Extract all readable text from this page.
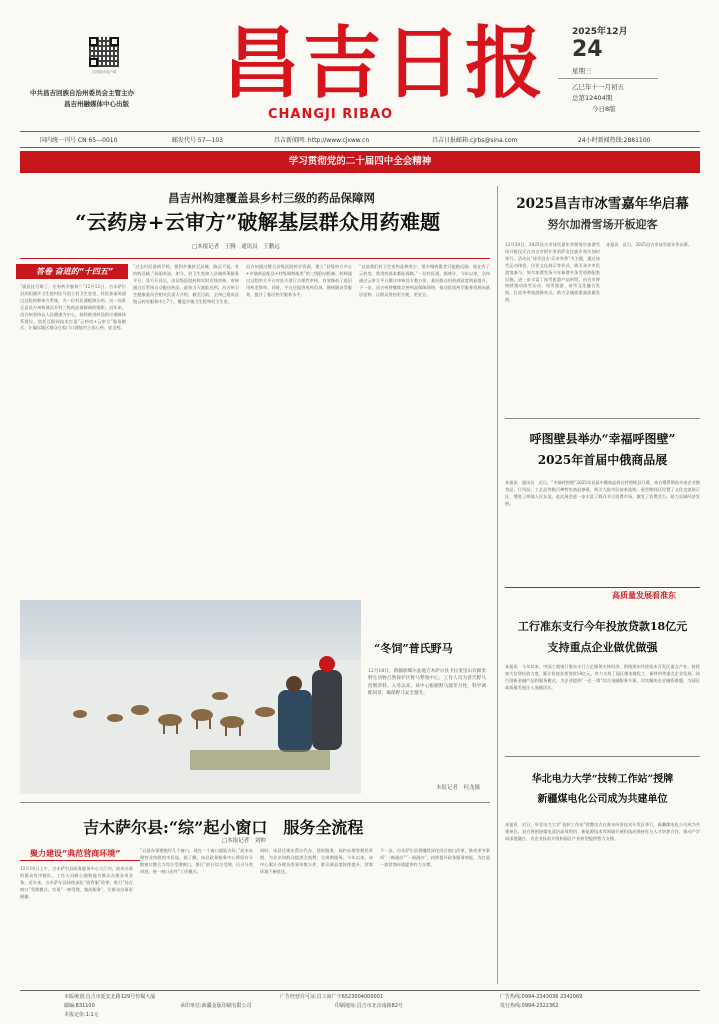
扫码阅读客户端
中共昌吉回族自治州委员会主管主办
昌吉州融媒体中心出版 昌吉日报
CHANGJI RIBAO
2025年12月
24
星期三
乙巳年十一月初五
总第12404期
今日8版
国内统一刊号 CN 65—0010	邮发代号 57—103	昌吉新闻网: http://www.cjxww.cn	昌吉日报邮箱:cjrbs@sina.com	24小时新闻热线:2881100
学习贯彻党的二十届四中全会精神
昌吉州构建覆盖县乡村三级的药品保障网
“云药房+云审方”破解基层群众用药难题
□本报记者　王腾　通讯员　王鹏远
答卷 奋进的“十四五”
“就医挂号难了，还有药学服务？”12月12日，吉木萨尔县庆阳湖乡卫生院村医马国立村卫生室里，村医孙丽英通过远程药师审方系统，为一位村民调配降压药。这一场景正是昌吉州构建县乡村三级药品保障网的缩影。近年来，昌吉州坚持以人民健康为中心，持续推进药品供应保障体系建设，依托互联网技术打造“云药房+云审方”服务模式，让偏远地区群众在家门口就能用上放心药、安全药。
“过去村民看病开药，要到乡镇甚至县城，路远不说，有的药还缺。”孙丽英说。如今，村卫生室接入县域药事服务平台，处方开具后，由县级医院药师实时在线审核，审核通过后系统自动配送药品，最快当天就能送到。昌吉州卫生健康委员会相关负责人介绍，截至目前，全州已建成县级云药房服务中心7个，覆盖乡镇卫生院和村卫生室。
昌吉州通过整合县级医院药学资源，建立“县级审方中心+乡镇药品配送+村级调剂使用”的三级联动机制。药师通过远程审方平台对处方进行合理性审核，有效降低了基层用药差错率。同时，平台还提供用药咨询、慢病随访等服务，提升了基层药学服务水平。
“以前我们村卫生室药品种类少，很多慢病患者只能跑远路。现在有了云药房，常用药基本都能保障。”一位村医说。据统计，今年以来，全州通过云审方平台累计审核处方数万张，基层群众用药满意度明显提升。下一步，昌吉州将继续完善药品保障网络，推动优质药学服务资源向基层延伸，让群众用药更方便、更安全。
“冬饲”普氏野马
12月18日，新疆准噶尔盆地吉木萨尔县卡拉麦里山有蹄类野生动物自然保护区野马繁殖中心，工作人员为普氏野马投喂草料。入冬以来，该中心根据野马越冬习性，科学调配饲草，确保野马安全越冬。
本报记者　何龙摄
吉木萨尔县:“综”起小窗口　服务全流程
□本报记者　刘帅
聚力建设“典范营商环境”
12月16日上午，吉木萨尔县政务服务中心大厅内，前来办事的群众有序排队，工作人员耐心细致地为群众办理各项业务。近年来，吉木萨尔县持续深化“放管服”改革，推行“综合窗口”受理模式，实现“一窗受理、集成服务”，让群众办事更便捷。
“以前办事要跑好几个窗口，现在一个窗口就能办好。”前来办理营业执照的市民说。据了解，该县政务服务中心将原有分散窗口整合为综合受理窗口，推行“前台综合受理、后台分类审批、统一窗口出件”工作模式。
同时，该县还推出帮办代办、延时服务、预约办理等便民举措，为企业和群众提供全流程、全周期服务。今年以来，该中心累计办理各类事项数万件，群众满意度持续提升，营商环境不断优化。
下一步，吉木萨尔县将继续深化综合窗口改革，推动更多事项“一窗通办”“一网通办”，持续提升政务服务效能，为打造一流营商环境提供有力支撑。
2025昌吉市冰雪嘉年华启幕
努尔加滑雪场开板迎客
12月20日，2025昌吉市冰雪嘉年华暨努尔加滑雪场开板仪式在昌吉市阿什里哈萨克民族乡努尔加村举行。活动以“冰雪昌吉·乐享冬季”为主题，通过冰雪运动体验、民俗文化展示等形式，吸引众多市民游客参与。努尔加滑雪场今年新增多条雪道和配套设施，进一步丰富了冰雪旅游产品供给。昌吉市将持续推动冰雪运动、冰雪旅游、冰雪文化融合发展，打造冬季旅游新亮点，助力全域旅游高质量发展。
本报讯　近日，2025昌吉市冰雪嘉年华启幕。
呼图壁县举办“幸福呼图壁”
2025年首届中俄商品展
本报讯　通讯员　近日，“幸福呼图壁”2025年首届中俄商品展在呼图壁县开幕，来自俄罗斯的多家企业携食品、日用品、工艺品等数百种特色商品参展，吸引大批市民前来选购。展会期间还设置了文化交流展示区，增进了两地人民友谊。此次展会进一步丰富了群众节日消费市场，激发了消费活力，助力县域经济发展。
高质量发展看准东
工行准东支行今年投放贷款18亿元
支持重点企业做优做强
本报讯　今年以来，中国工商银行准东支行立足服务实体经济，围绕准东经济技术开发区重点产业，持续加大信贷投放力度，累计投放各类贷款18亿元，有力支持了园区煤电煤化工、新材料等重点企业发展。该行创新金融产品和服务模式，为企业提供“一企一策”综合金融服务方案，切实解决企业融资难题，为园区高质量发展注入金融活水。
华北电力大学“技转工作站”授牌
新疆煤电化公司成为共建单位
本报讯　近日，华北电力大学“技转工作站”授牌仪式在准东经济技术开发区举行，新疆煤电化公司成为共建单位。双方将围绕煤电清洁高效利用、新能源技术等领域开展科技成果转化与人才培养合作，推动产学研深度融合，为企业技术升级和园区产业转型提供智力支撑。
本版统划:昌吉市延安北路129号传媒大厦	广告经营许可证:昌工商广字6523004000001	广告热线:0994-2343036 2342069
邮编:831100	承印单位:新疆金版印刷有限公司	印刷地址:昌吉市北京南路82号	发行热线:0994-2322362
本报定价:1.1元
